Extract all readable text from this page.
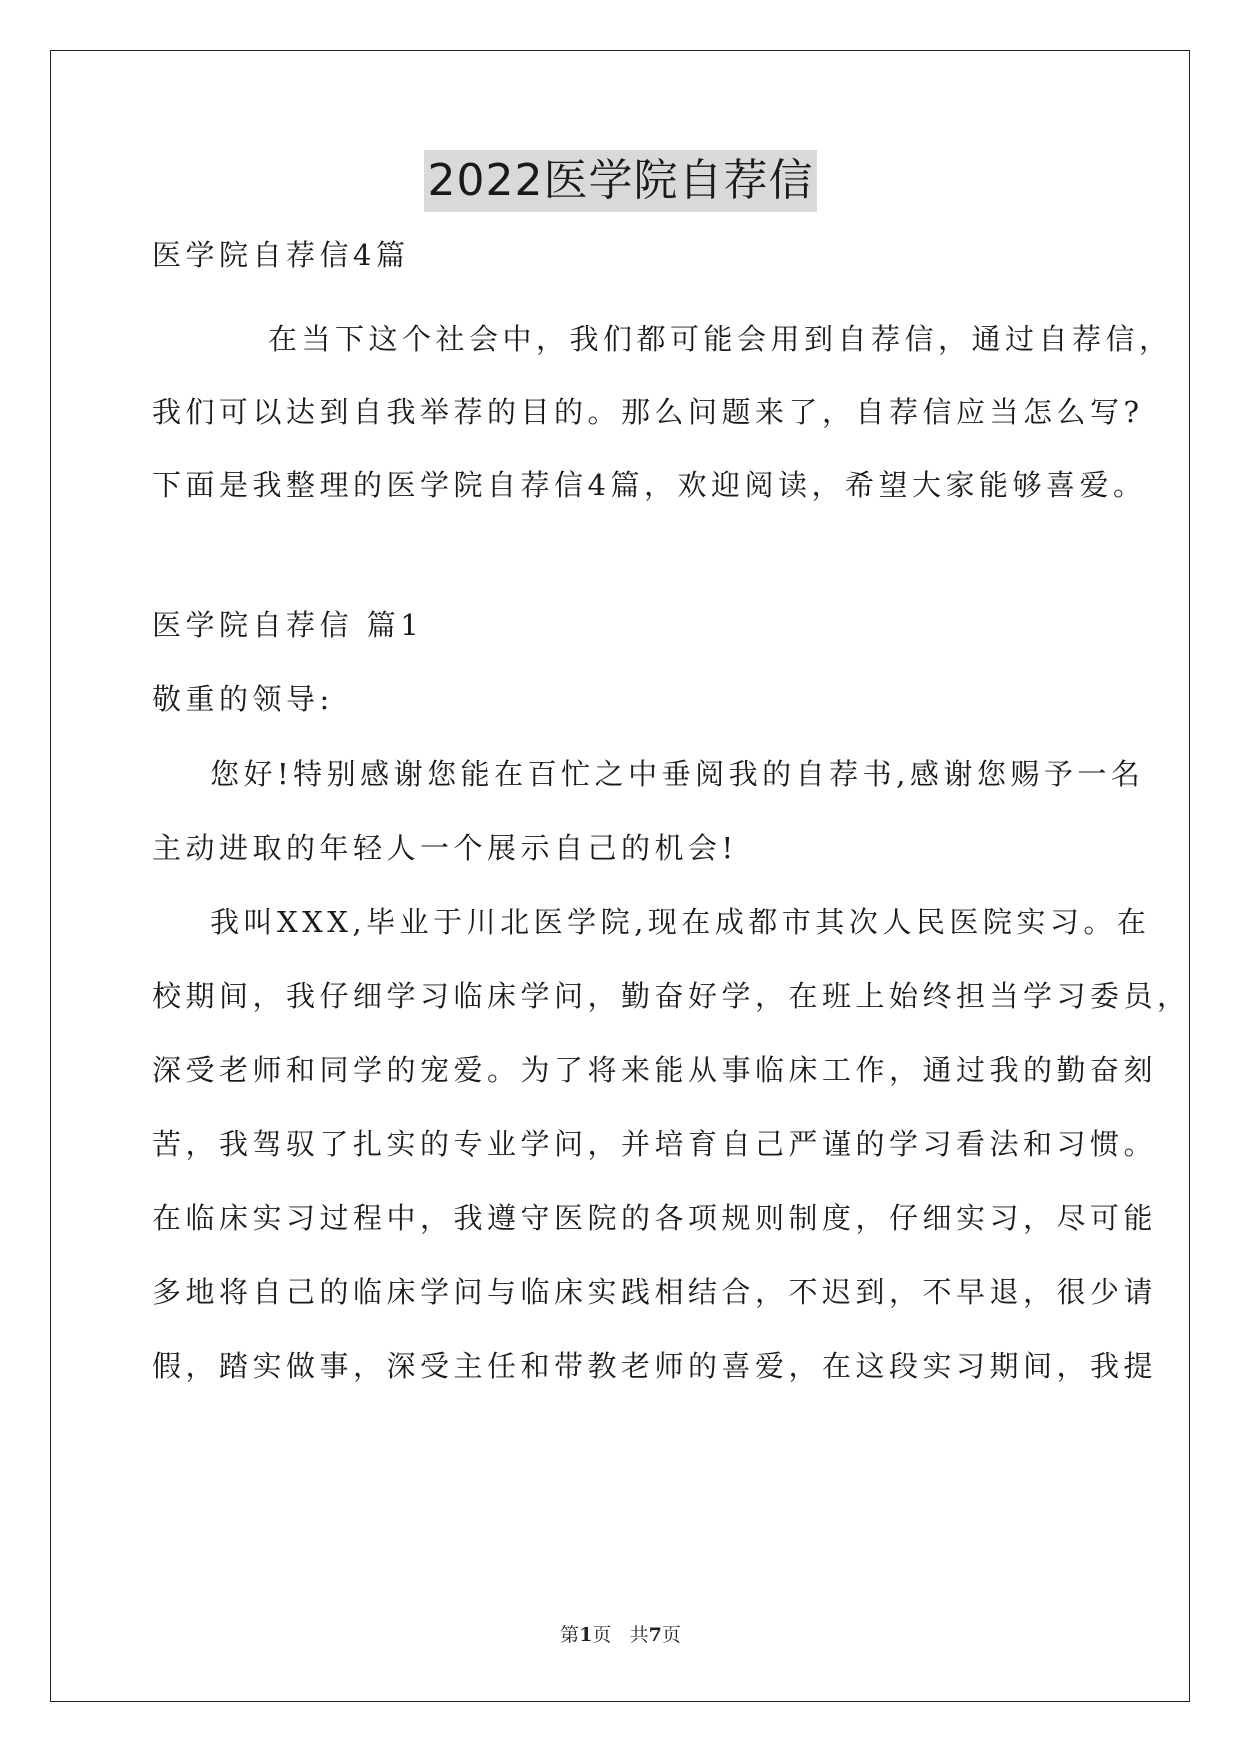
2022医学院自荐信
医学院自荐信4篇
在当下这个社会中，我们都可能会用到自荐信，通过自荐信，
我们可以达到自我举荐的目的。那么问题来了，自荐信应当怎么写?
下面是我整理的医学院自荐信4篇，欢迎阅读，希望大家能够喜爱。
医学院自荐信 篇1
敬重的领导:
您好!特别感谢您能在百忙之中垂阅我的自荐书,感谢您赐予一名
主动进取的年轻人一个展示自己的机会!
我叫XXX,毕业于川北医学院,现在成都市其次人民医院实习。在
校期间，我仔细学习临床学问，勤奋好学，在班上始终担当学习委员，
深受老师和同学的宠爱。为了将来能从事临床工作，通过我的勤奋刻
苦，我驾驭了扎实的专业学问，并培育自己严谨的学习看法和习惯。
在临床实习过程中，我遵守医院的各项规则制度，仔细实习，尽可能
多地将自己的临床学问与临床实践相结合，不迟到，不早退，很少请
假，踏实做事，深受主任和带教老师的喜爱，在这段实习期间，我提
第1页 共7页
